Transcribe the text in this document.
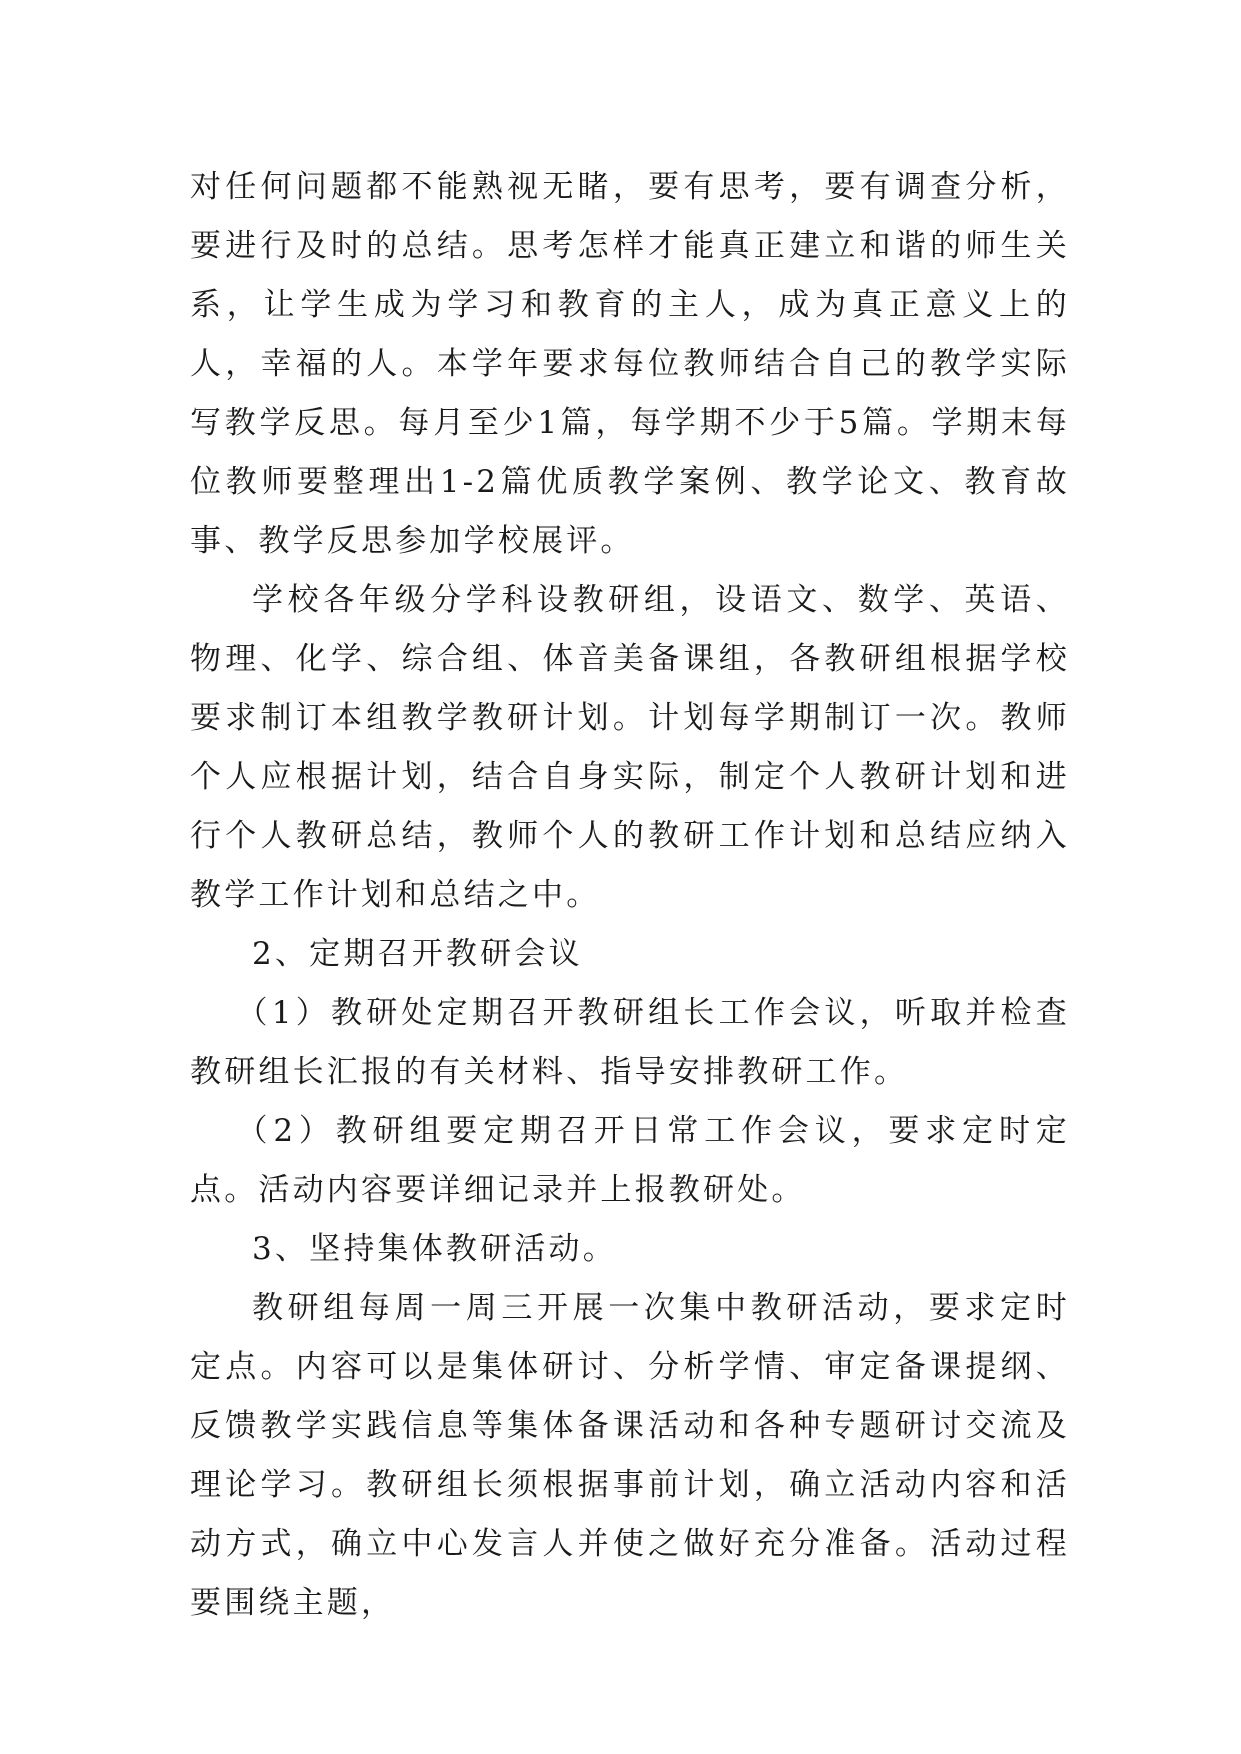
对任何问题都不能熟视无睹，要有思考，要有调查分析，要进行及时的总结。思考怎样才能真正建立和谐的师生关系，让学生成为学习和教育的主人，成为真正意义上的人，幸福的人。本学年要求每位教师结合自己的教学实际写教学反思。每月至少1篇，每学期不少于5篇。学期末每位教师要整理出1-2篇优质教学案例、教学论文、教育故事、教学反思参加学校展评。

学校各年级分学科设教研组，设语文、数学、英语、物理、化学、综合组、体音美备课组，各教研组根据学校要求制订本组教学教研计划。计划每学期制订一次。教师个人应根据计划，结合自身实际，制定个人教研计划和进行个人教研总结，教师个人的教研工作计划和总结应纳入教学工作计划和总结之中。

2、定期召开教研会议

（1）教研处定期召开教研组长工作会议，听取并检查教研组长汇报的有关材料、指导安排教研工作。

（2）教研组要定期召开日常工作会议，要求定时定点。活动内容要详细记录并上报教研处。

3、坚持集体教研活动。

教研组每周一周三开展一次集中教研活动，要求定时定点。内容可以是集体研讨、分析学情、审定备课提纲、反馈教学实践信息等集体备课活动和各种专题研讨交流及理论学习。教研组长须根据事前计划，确立活动内容和活动方式，确立中心发言人并使之做好充分准备。活动过程要围绕主题，
